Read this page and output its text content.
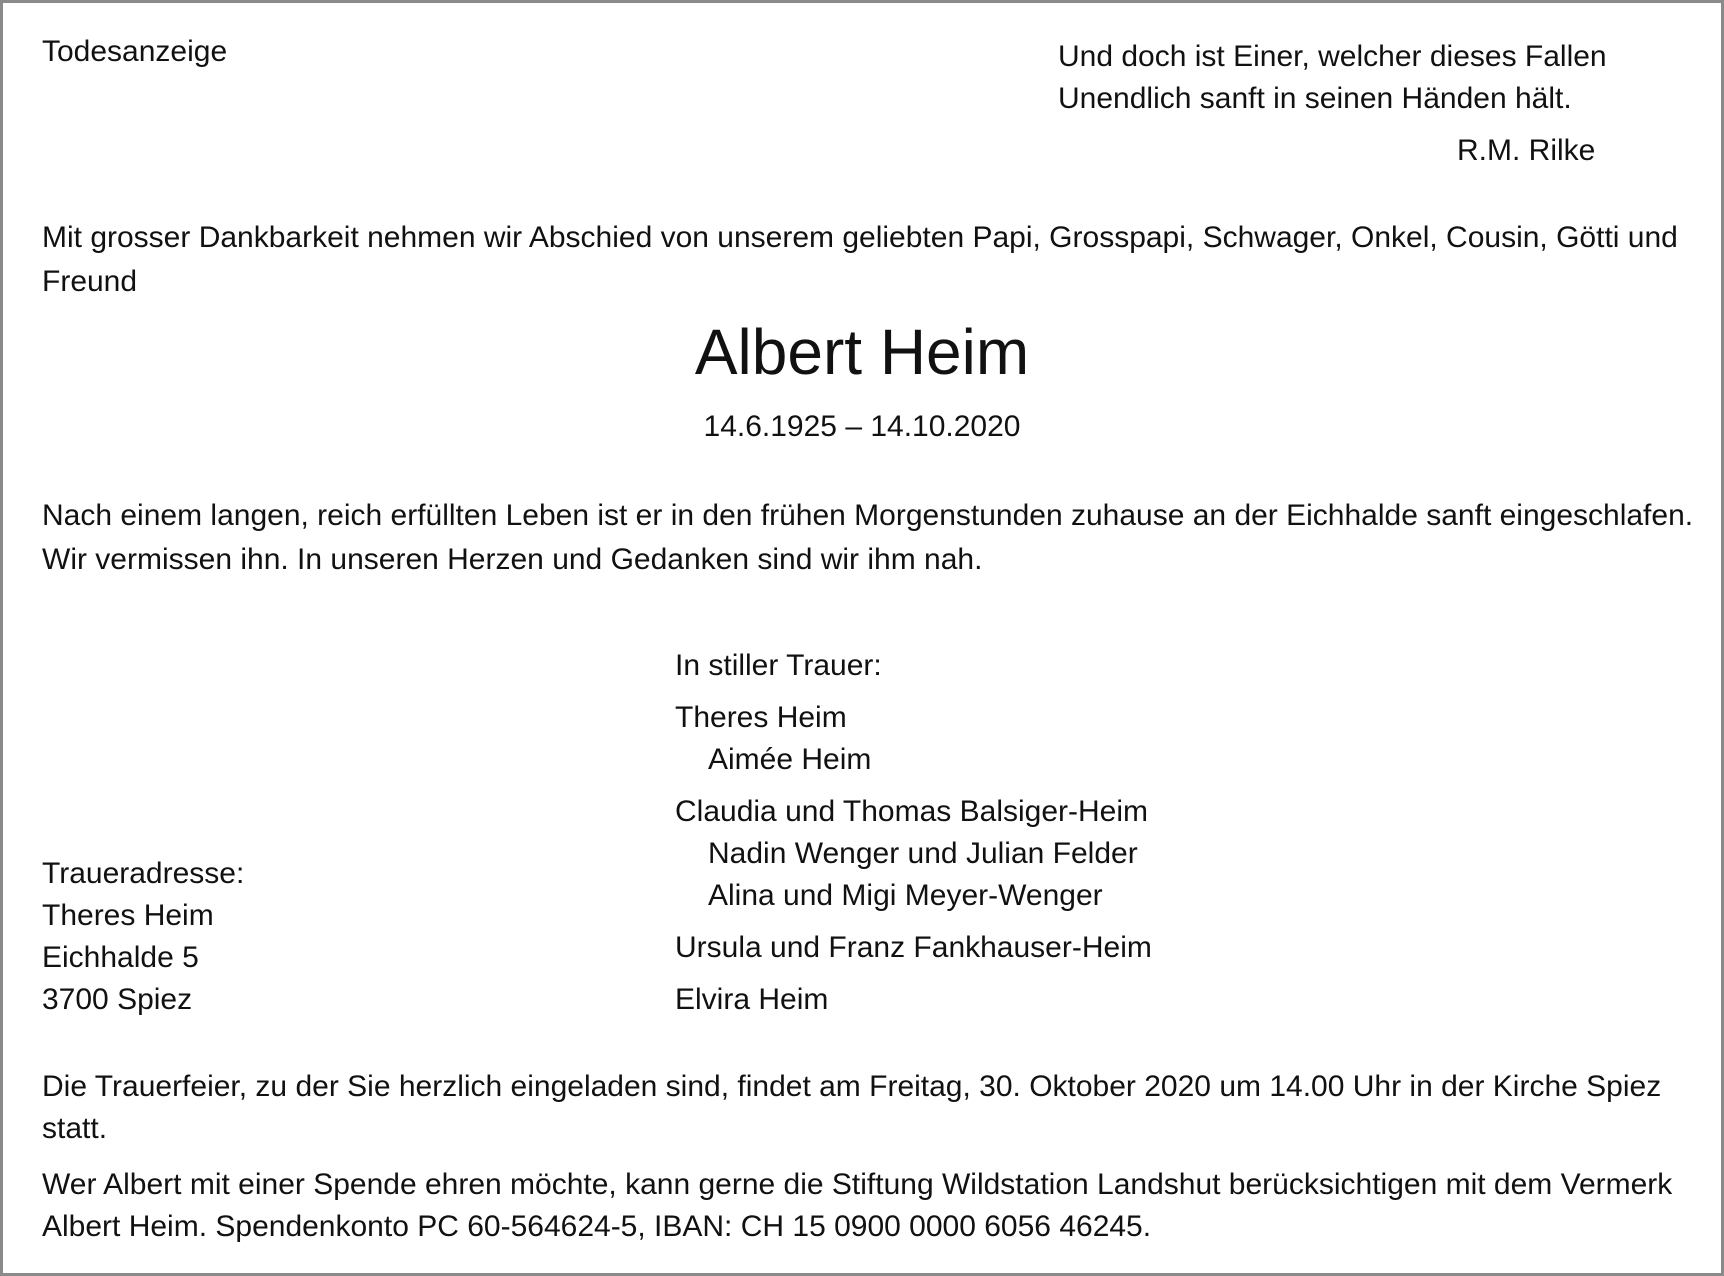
Todesanzeige	Und doch ist Einer, welcher dieses Fallen
Unendlich sanft in seinen Händen hält.
R.M. Rilke
Mit grosser Dankbarkeit nehmen wir Abschied von unserem geliebten Papi, Grosspapi, Schwager, Onkel, Cousin, Götti und Freund
Albert Heim
14.6.1925 – 14.10.2020
Nach einem langen, reich erfüllten Leben ist er in den frühen Morgenstunden zuhause an der Eichhalde sanft eingeschlafen. Wir vermissen ihn. In unseren Herzen und Gedanken sind wir ihm nah.
In stiller Trauer:
Theres Heim
Aimée Heim
Claudia und Thomas Balsiger-Heim
Nadin Wenger und Julian Felder
Alina und Migi Meyer-Wenger
Ursula und Franz Fankhauser-Heim
Elvira Heim
Traueradresse:
Theres Heim
Eichhalde 5
3700 Spiez
Die Trauerfeier, zu der Sie herzlich eingeladen sind, findet am Freitag, 30. Oktober 2020 um 14.00 Uhr in der Kirche Spiez statt.
Wer Albert mit einer Spende ehren möchte, kann gerne die Stiftung Wildstation Landshut berücksichtigen mit dem Vermerk Albert Heim. Spendenkonto PC 60-564624-5, IBAN: CH 15 0900 0000 6056 46245.
